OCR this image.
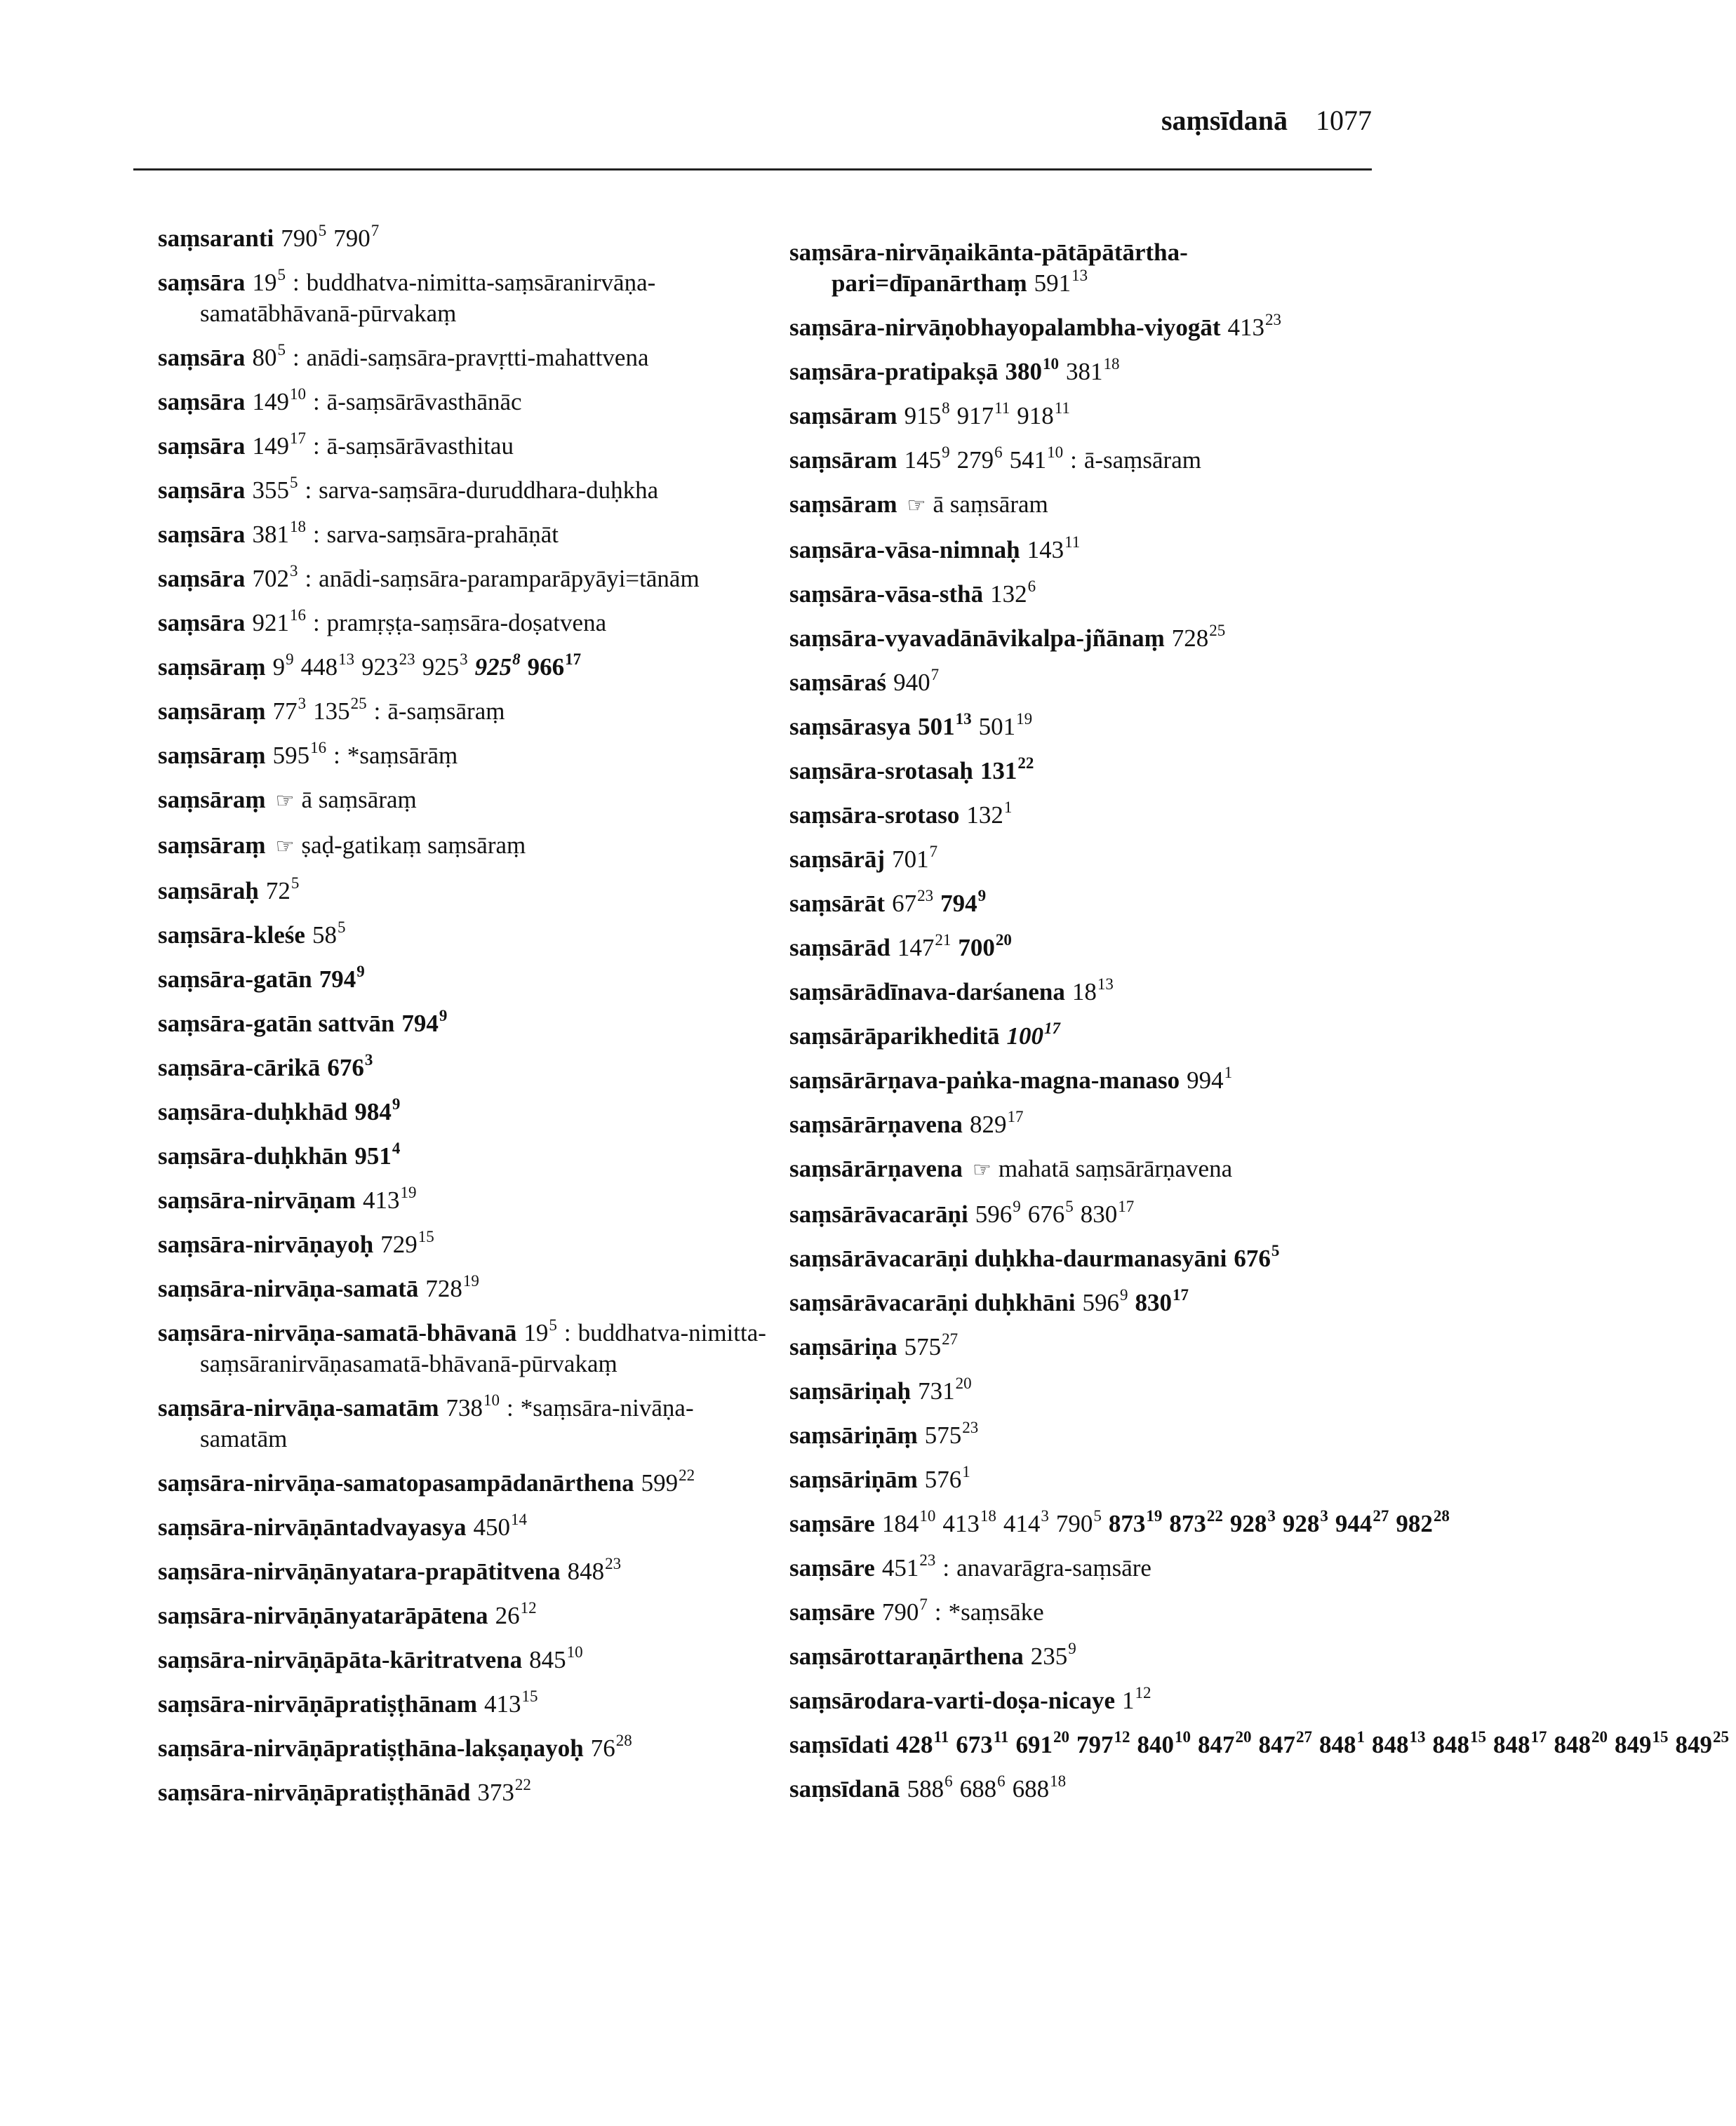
saṃsīdanā 1077
saṃsaranti $790^5$ $790^7$
saṃsāra $19^5$ : buddhatva-nimitta-saṃsāranirvāṇa-samatābhāvanā-pūrvakaṃ
saṃsāra $80^5$ : anādi-saṃsāra-pravṛtti-mahattvena
saṃsāra $149^{10}$ : ā-saṃsārāvasthānāc
saṃsāra $149^{17}$ : ā-saṃsārāvasthitau
saṃsāra $355^5$ : sarva-saṃsāra-duruddhara-duḥkha
saṃsāra $381^{18}$ : sarva-saṃsāra-prahāṇāt
saṃsāra $702^3$ : anādi-saṃsāra-paramparāpyāyi=tānām
saṃsāra $921^{16}$ : pramṛṣṭa-saṃsāra-doṣatvena
saṃsāraṃ $9^9$ $448^{13}$ $923^{23}$ $925^3$ $925^8$ $966^{17}$
saṃsāraṃ $77^3$ $135^{25}$ : ā-saṃsāraṃ
saṃsāraṃ $595^{16}$ : *saṃsārāṃ
saṃsāraṃ ☞ ā saṃsāraṃ
saṃsāraṃ ☞ ṣaḍ-gatikaṃ saṃsāraṃ
saṃsāraḥ $72^5$
saṃsāra-kleśe $58^5$
saṃsāra-gatān $794^9$
saṃsāra-gatān sattvān $794^9$
saṃsāra-cārikā $676^3$
saṃsāra-duḥkhād $984^9$
saṃsāra-duḥkhān $951^4$
saṃsāra-nirvāṇam $413^{19}$
saṃsāra-nirvāṇayoḥ $729^{15}$
saṃsāra-nirvāṇa-samatā $728^{19}$
saṃsāra-nirvāṇa-samatā-bhāvanā $19^5$ : buddhatva-nimitta-saṃsāranirvāṇasamatā-bhāvanā-pūrvakaṃ
saṃsāra-nirvāṇa-samatām $738^{10}$ : *saṃsāra-nivāṇa-samatām
saṃsāra-nirvāṇa-samatopasampādanārthena $599^{22}$
saṃsāra-nirvāṇāntadvayasya $450^{14}$
saṃsāra-nirvāṇānyatara-prapātitvena $848^{23}$
saṃsāra-nirvāṇānyatarāpātena $26^{12}$
saṃsāra-nirvāṇāpāta-kāritratvena $845^{10}$
saṃsāra-nirvāṇāpratiṣṭhānam $413^{15}$
saṃsāra-nirvāṇāpratiṣṭhāna-lakṣaṇayoḥ $76^{28}$
saṃsāra-nirvāṇāpratiṣṭhānād $373^{22}$
saṃsāra-nirvāṇaikānta-pātāpātārtha-pari=dīpanārthaṃ $591^{13}$
saṃsāra-nirvāṇobhayopalambha-viyogāt $413^{23}$
saṃsāra-pratipakṣā $380^{10}$ $381^{18}$
saṃsāram $915^8$ $917^{11}$ $918^{11}$
saṃsāram $145^9$ $279^6$ $541^{10}$ : ā-saṃsāram
saṃsāram ☞ ā saṃsāram
saṃsāra-vāsa-nimnaḥ $143^{11}$
saṃsāra-vāsa-sthā $132^6$
saṃsāra-vyavadānāvikalpa-jñānaṃ $728^{25}$
saṃsāraś $940^7$
saṃsārasya $501^{13}$ $501^{19}$
saṃsāra-srotasaḥ $131^{22}$
saṃsāra-srotaso $132^1$
saṃsārāj $701^7$
saṃsārāt $67^{23}$ $794^9$
saṃsārād $147^{21}$ $700^{20}$
saṃsārādīnava-darśanena $18^{13}$
saṃsārāparikheditā $100^{17}$
saṃsārārṇava-paṅka-magna-manaso $994^1$
saṃsārārṇavena $829^{17}$
saṃsārārṇavena ☞ mahatā saṃsārārṇavena
saṃsārāvacarāṇi $596^9$ $676^5$ $830^{17}$
saṃsārāvacarāṇi duḥkha-daurmanasyāni $676^5$
saṃsārāvacarāṇi duḥkhāni $596^9$ $830^{17}$
saṃsāriṇa $575^{27}$
saṃsāriṇaḥ $731^{20}$
saṃsāriṇāṃ $575^{23}$
saṃsāriṇām $576^1$
saṃsāre $184^{10}$ $413^{18}$ $414^3$ $790^5$ $873^{19}$ $873^{22}$ $928^3$ $928^3$ $944^{27}$ $982^{28}$
saṃsāre $451^{23}$ : anavarāgra-saṃsāre
saṃsāre $790^7$ : *saṃsāke
saṃsārottaraṇārthena $235^9$
saṃsārodara-varti-doṣa-nicaye $1^{12}$
saṃsīdati $428^{11}$ $673^{11}$ $691^{20}$ $797^{12}$ $840^{10}$ $847^{20}$ $847^{27}$ $848^1$ $848^{13}$ $848^{15}$ $848^{17}$ $848^{20}$ $849^{15}$ $849^{25}$
saṃsīdanā $588^6$ $688^6$ $688^{18}$
